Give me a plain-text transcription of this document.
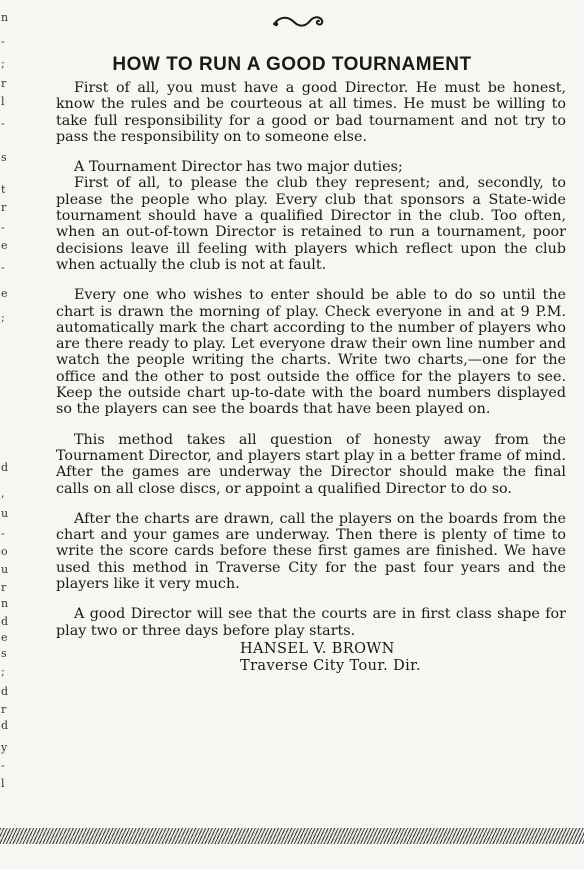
n
-
;
r
l
-
s
t
r
-
e
-
e
;
d
,
u
-
o
u
r
n
d
e
s
;
d
r
d
y
-
l
HOW TO RUN A GOOD TOURNAMENT

First of all, you must have a good Director. He must be honest, know the rules and be courteous at all times. He must be willing to take full responsibility for a good or bad tournament and not try to pass the responsibility on to someone else.

A Tournament Director has two major duties;

First of all, to please the club they represent; and, secondly, to please the people who play. Every club that sponsors a State-wide tournament should have a qualified Director in the club. Too often, when an out-of-town Director is retained to run a tournament, poor decisions leave ill feeling with players which reflect upon the club when actually the club is not at fault.

Every one who wishes to enter should be able to do so until the chart is drawn the morning of play. Check everyone in and at 9 P.M. automatically mark the chart according to the number of players who are there ready to play. Let everyone draw their own line number and watch the people writing the charts. Write two charts,—one for the office and the other to post outside the office for the players to see. Keep the outside chart up-to-date with the board numbers displayed so the players can see the boards that have been played on.

This method takes all question of honesty away from the Tournament Director, and players start play in a better frame of mind. After the games are underway the Director should make the final calls on all close discs, or appoint a qualified Director to do so.

After the charts are drawn, call the players on the boards from the chart and your games are underway. Then there is plenty of time to write the score cards before these first games are finished. We have used this method in Traverse City for the past four years and the players like it very much.

A good Director will see that the courts are in first class shape for play two or three days before play starts.

HANSEL V. BROWN
Traverse City Tour. Dir.
